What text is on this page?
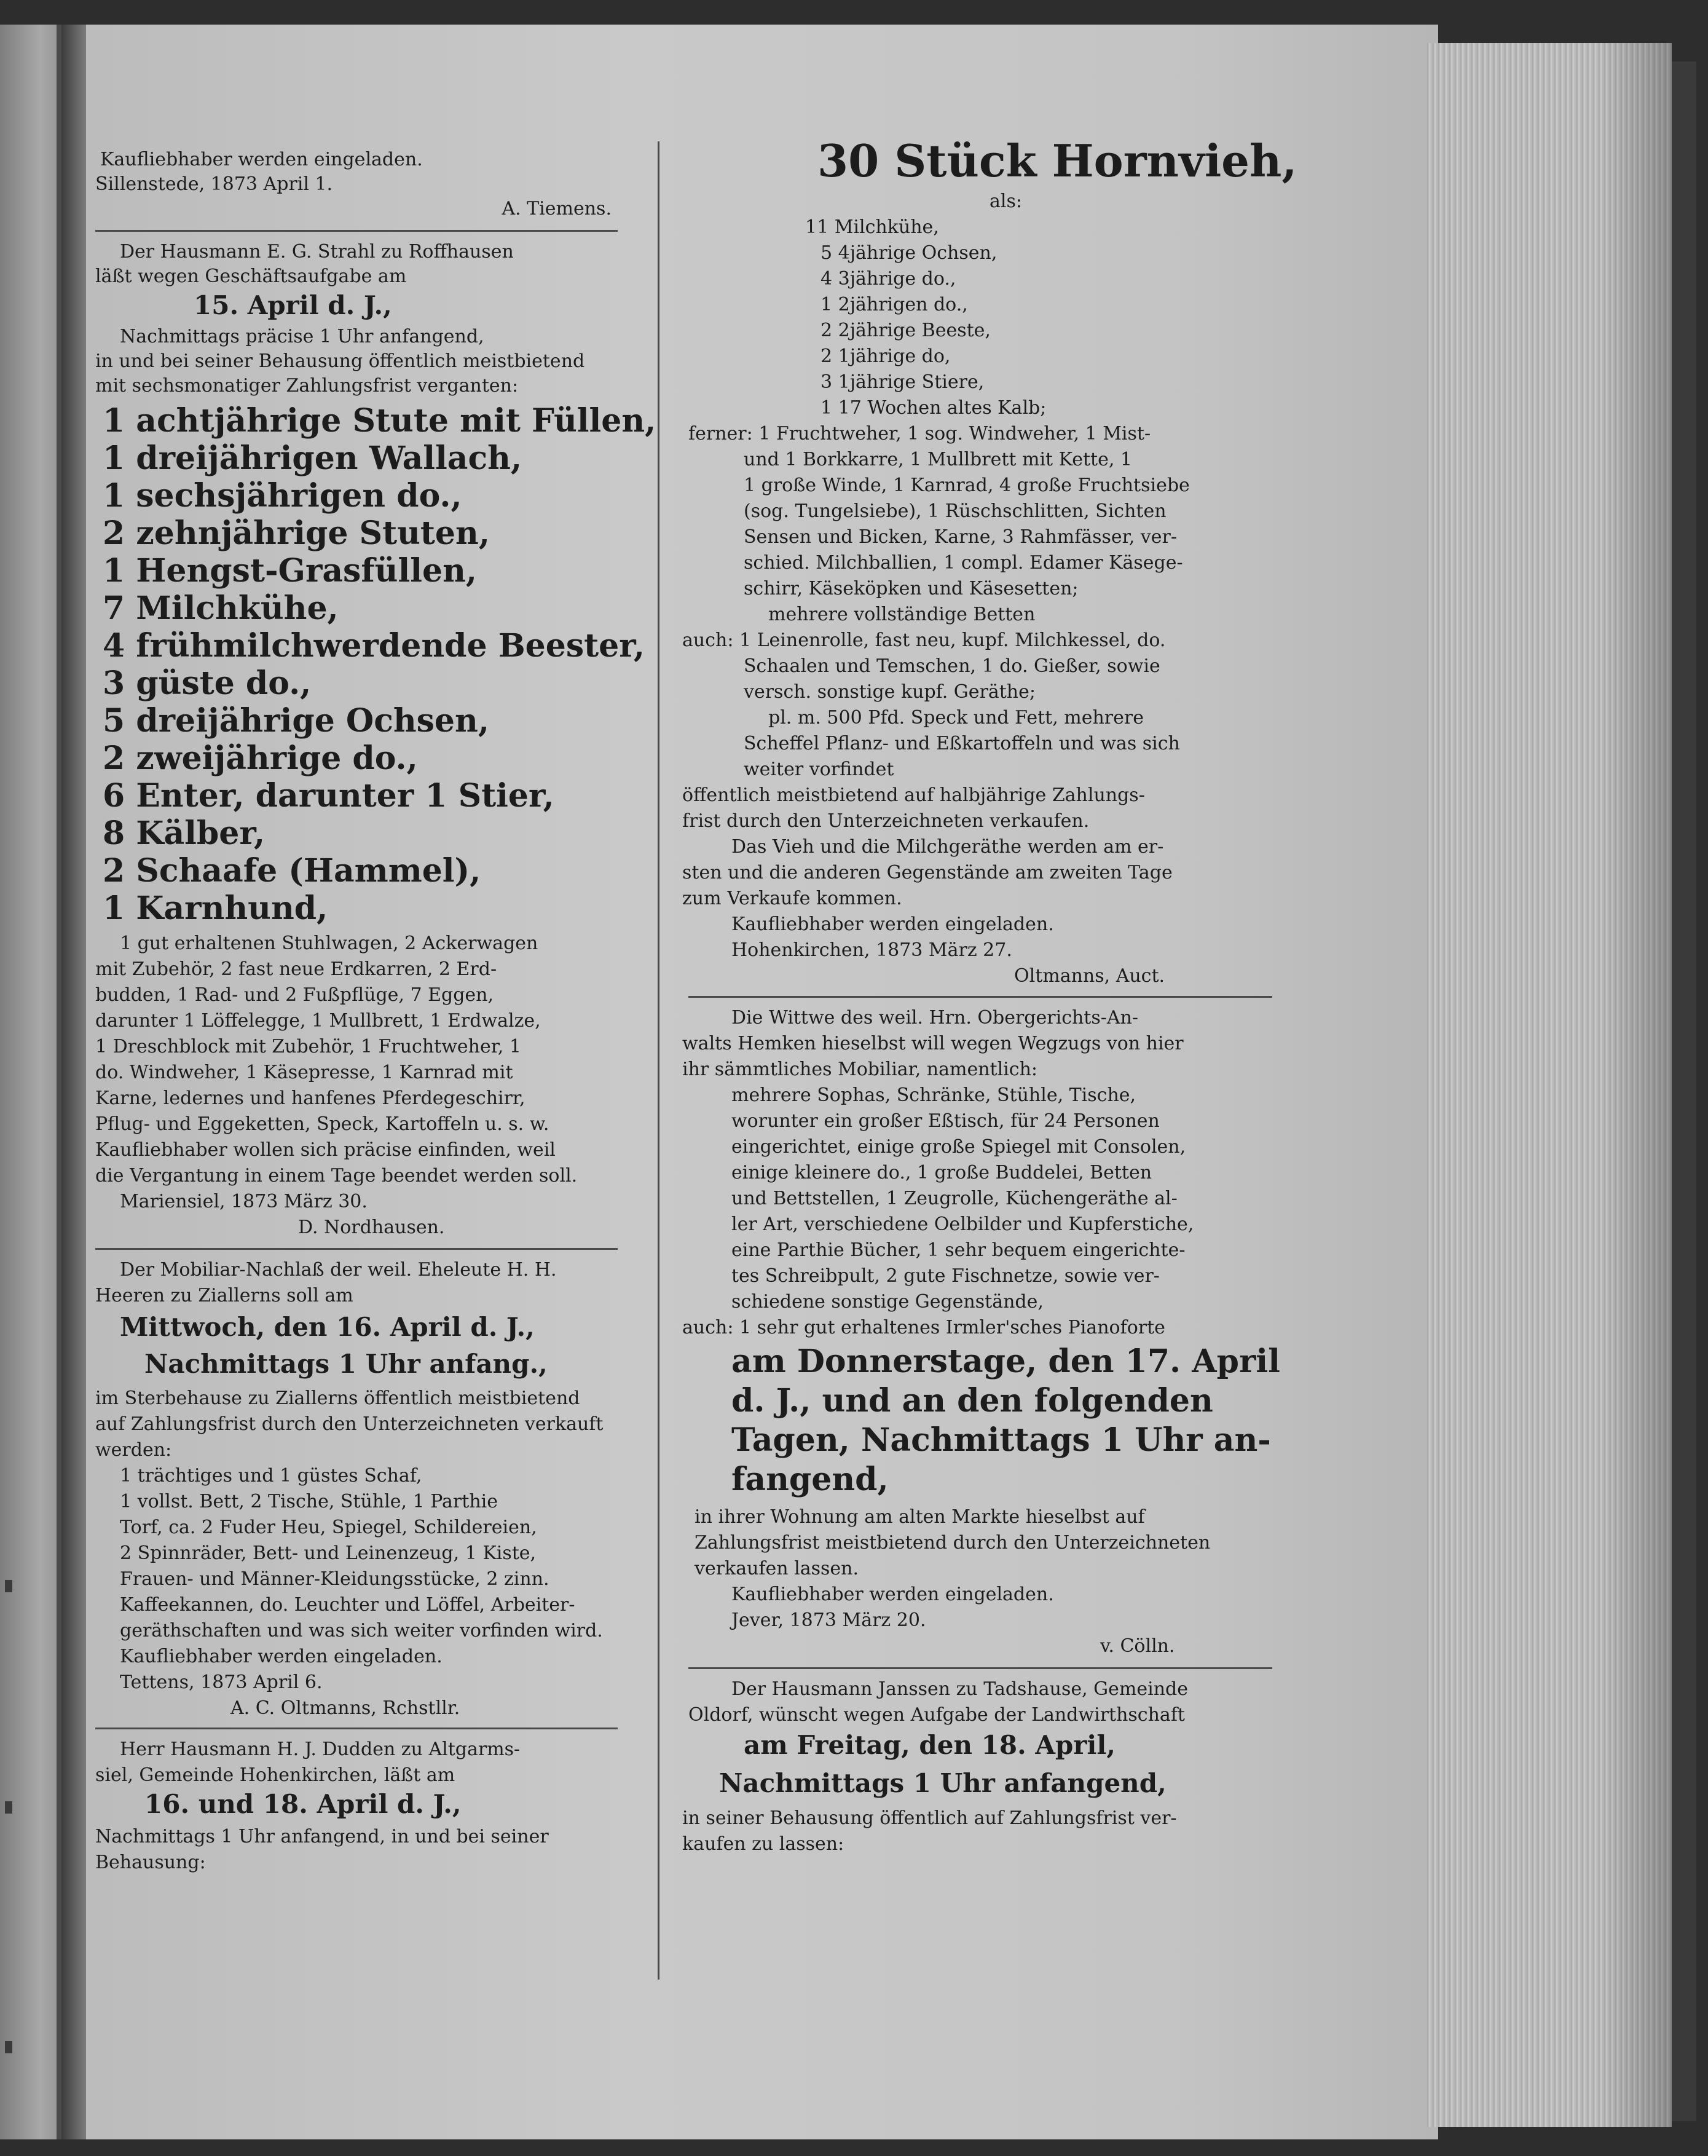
Kaufliebhaber werden eingeladen.
Sillenstede, 1873 April 1.
A. Tiemens.
Der Hausmann E. G. Strahl zu Roffhausen
läßt wegen Geschäftsaufgabe am
15. April d. J.,
Nachmittags präcise 1 Uhr anfangend,
in und bei seiner Behausung öffentlich meistbietend
mit sechsmonatiger Zahlungsfrist verganten:
1 achtjährige Stute mit Füllen,
1 dreijährigen Wallach,
1 sechsjährigen do.,
2 zehnjährige Stuten,
1 Hengst-Grasfüllen,
7 Milchkühe,
4 frühmilchwerdende Beester,
3 güste do.,
5 dreijährige Ochsen,
2 zweijährige do.,
6 Enter, darunter 1 Stier,
8 Kälber,
2 Schaafe (Hammel),
1 Karnhund,
1 gut erhaltenen Stuhlwagen, 2 Ackerwagen
mit Zubehör, 2 fast neue Erdkarren, 2 Erd-
budden, 1 Rad- und 2 Fußpflüge, 7 Eggen,
darunter 1 Löffelegge, 1 Mullbrett, 1 Erdwalze,
1 Dreschblock mit Zubehör, 1 Fruchtweher, 1
do. Windweher, 1 Käsepresse, 1 Karnrad mit
Karne, ledernes und hanfenes Pferdegeschirr,
Pflug- und Eggeketten, Speck, Kartoffeln u. s. w.
Kaufliebhaber wollen sich präcise einfinden, weil
die Vergantung in einem Tage beendet werden soll.
Mariensiel, 1873 März 30.
D. Nordhausen.
Der Mobiliar-Nachlaß der weil. Eheleute H. H.
Heeren zu Ziallerns soll am
Mittwoch, den 16. April d. J.,
Nachmittags 1 Uhr anfang.,
im Sterbehause zu Ziallerns öffentlich meistbietend
auf Zahlungsfrist durch den Unterzeichneten verkauft
werden:
1 trächtiges und 1 güstes Schaf,
1 vollst. Bett, 2 Tische, Stühle, 1 Parthie
Torf, ca. 2 Fuder Heu, Spiegel, Schildereien,
2 Spinnräder, Bett- und Leinenzeug, 1 Kiste,
Frauen- und Männer-Kleidungsstücke, 2 zinn.
Kaffeekannen, do. Leuchter und Löffel, Arbeiter-
geräthschaften und was sich weiter vorfinden wird.
Kaufliebhaber werden eingeladen.
Tettens, 1873 April 6.
A. C. Oltmanns, Rchstllr.
Herr Hausmann H. J. Dudden zu Altgarms-
siel, Gemeinde Hohenkirchen, läßt am
16. und 18. April d. J.,
Nachmittags 1 Uhr anfangend, in und bei seiner
Behausung:
30 Stück Hornvieh,
als:
11 Milchkühe,
5 4jährige Ochsen,
4 3jährige do.,
1 2jährigen do.,
2 2jährige Beeste,
2 1jährige do,
3 1jährige Stiere,
1 17 Wochen altes Kalb;
ferner: 1 Fruchtweher, 1 sog. Windweher, 1 Mist-
und 1 Borkkarre, 1 Mullbrett mit Kette, 1
1 große Winde, 1 Karnrad, 4 große Fruchtsiebe
(sog. Tungelsiebe), 1 Rüschschlitten, Sichten
Sensen und Bicken, Karne, 3 Rahmfässer, ver-
schied. Milchballien, 1 compl. Edamer Käsege-
schirr, Käseköpken und Käsesetten;
mehrere vollständige Betten
auch: 1 Leinenrolle, fast neu, kupf. Milchkessel, do.
Schaalen und Temschen, 1 do. Gießer, sowie
versch. sonstige kupf. Geräthe;
pl. m. 500 Pfd. Speck und Fett, mehrere
Scheffel Pflanz- und Eßkartoffeln und was sich
weiter vorfindet
öffentlich meistbietend auf halbjährige Zahlungs-
frist durch den Unterzeichneten verkaufen.
Das Vieh und die Milchgeräthe werden am er-
sten und die anderen Gegenstände am zweiten Tage
zum Verkaufe kommen.
Kaufliebhaber werden eingeladen.
Hohenkirchen, 1873 März 27.
Oltmanns, Auct.
Die Wittwe des weil. Hrn. Obergerichts-An-
walts Hemken hieselbst will wegen Wegzugs von hier
ihr sämmtliches Mobiliar, namentlich:
mehrere Sophas, Schränke, Stühle, Tische,
worunter ein großer Eßtisch, für 24 Personen
eingerichtet, einige große Spiegel mit Consolen,
einige kleinere do., 1 große Buddelei, Betten
und Bettstellen, 1 Zeugrolle, Küchengeräthe al-
ler Art, verschiedene Oelbilder und Kupferstiche,
eine Parthie Bücher, 1 sehr bequem eingerichte-
tes Schreibpult, 2 gute Fischnetze, sowie ver-
schiedene sonstige Gegenstände,
auch: 1 sehr gut erhaltenes Irmler'sches Pianoforte
am Donnerstage, den 17. April
d. J., und an den folgenden
Tagen, Nachmittags 1 Uhr an-
fangend,
in ihrer Wohnung am alten Markte hieselbst auf
Zahlungsfrist meistbietend durch den Unterzeichneten
verkaufen lassen.
Kaufliebhaber werden eingeladen.
Jever, 1873 März 20.
v. Cölln.
Der Hausmann Janssen zu Tadshause, Gemeinde
Oldorf, wünscht wegen Aufgabe der Landwirthschaft
am Freitag, den 18. April,
Nachmittags 1 Uhr anfangend,
in seiner Behausung öffentlich auf Zahlungsfrist ver-
kaufen zu lassen:
